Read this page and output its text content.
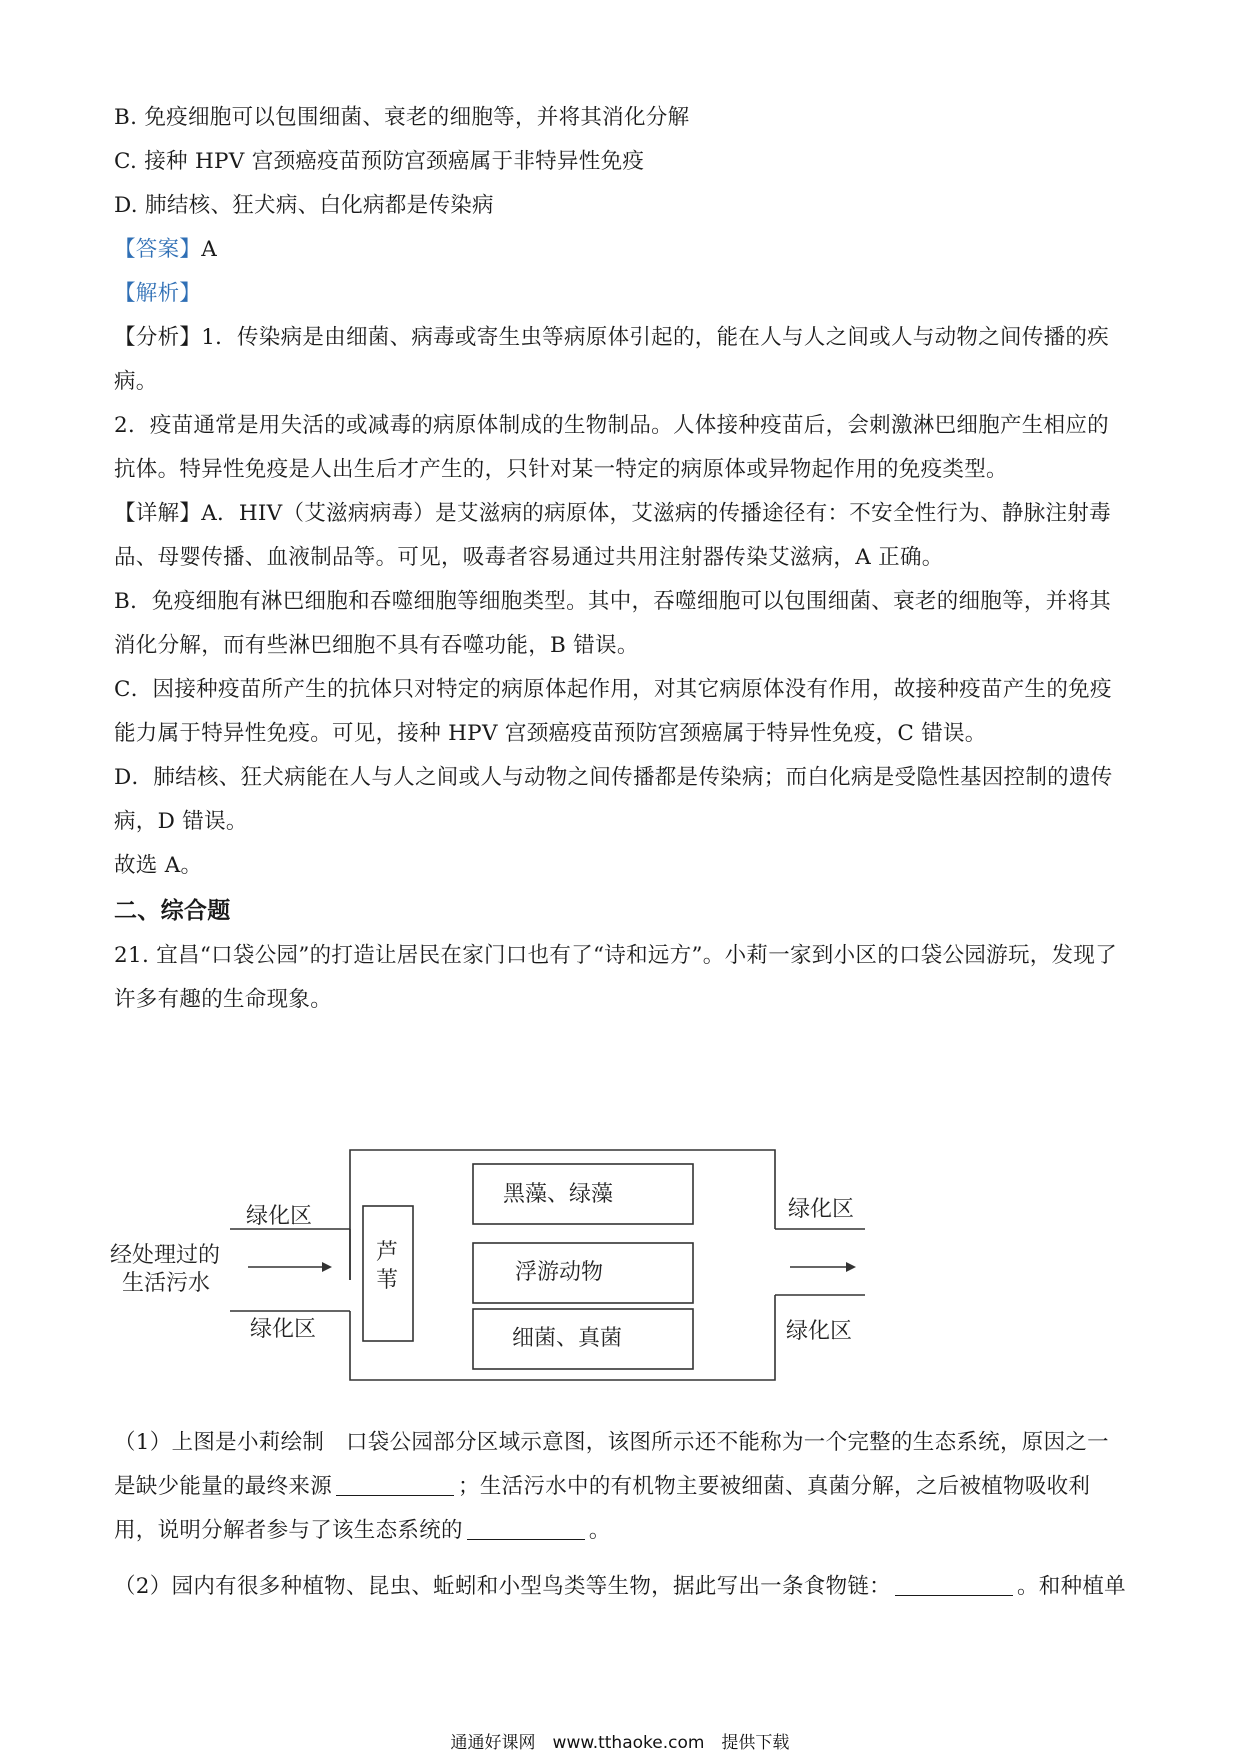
B. 免疫细胞可以包围细菌、衰老的细胞等，并将其消化分解
C. 接种 HPV 宫颈癌疫苗预防宫颈癌属于非特异性免疫
D. 肺结核、狂犬病、白化病都是传染病
【答案】A
【解析】
【分析】1．传染病是由细菌、病毒或寄生虫等病原体引起的，能在人与人之间或人与动物之间传播的疾
病。
2．疫苗通常是用失活的或减毒的病原体制成的生物制品。人体接种疫苗后，会刺激淋巴细胞产生相应的
抗体。特异性免疫是人出生后才产生的，只针对某一特定的病原体或异物起作用的免疫类型。
【详解】A．HIV（艾滋病病毒）是艾滋病的病原体，艾滋病的传播途径有：不安全性行为、静脉注射毒
品、母婴传播、血液制品等。可见，吸毒者容易通过共用注射器传染艾滋病，A 正确。
B．免疫细胞有淋巴细胞和吞噬细胞等细胞类型。其中，吞噬细胞可以包围细菌、衰老的细胞等，并将其
消化分解，而有些淋巴细胞不具有吞噬功能，B 错误。
C．因接种疫苗所产生的抗体只对特定的病原体起作用，对其它病原体没有作用，故接种疫苗产生的免疫
能力属于特异性免疫。可见，接种 HPV 宫颈癌疫苗预防宫颈癌属于特异性免疫，C 错误。
D．肺结核、狂犬病能在人与人之间或人与动物之间传播都是传染病；而白化病是受隐性基因控制的遗传
病，D 错误。
故选 A。
二、综合题
21. 宜昌“口袋公园”的打造让居民在家门口也有了“诗和远方”。小莉一家到小区的口袋公园游玩，发现了
许多有趣的生命现象。
绿化区
绿化区
绿化区
绿化区
经处理过的
生活污水
芦
苇
黑藻、绿藻
浮游动物
细菌、真菌
（1）上图是小莉绘制　口袋公园部分区域示意图，该图所示还不能称为一个完整的生态系统，原因之一
是缺少能量的最终来源	；生活污水中的有机物主要被细菌、真菌分解，之后被植物吸收利
用，说明分解者参与了该生态系统的	。
（2）园内有很多种植物、昆虫、蚯蚓和小型鸟类等生物，据此写出一条食物链：	。和种植单
通通好课网　www.tthaoke.com　提供下载
